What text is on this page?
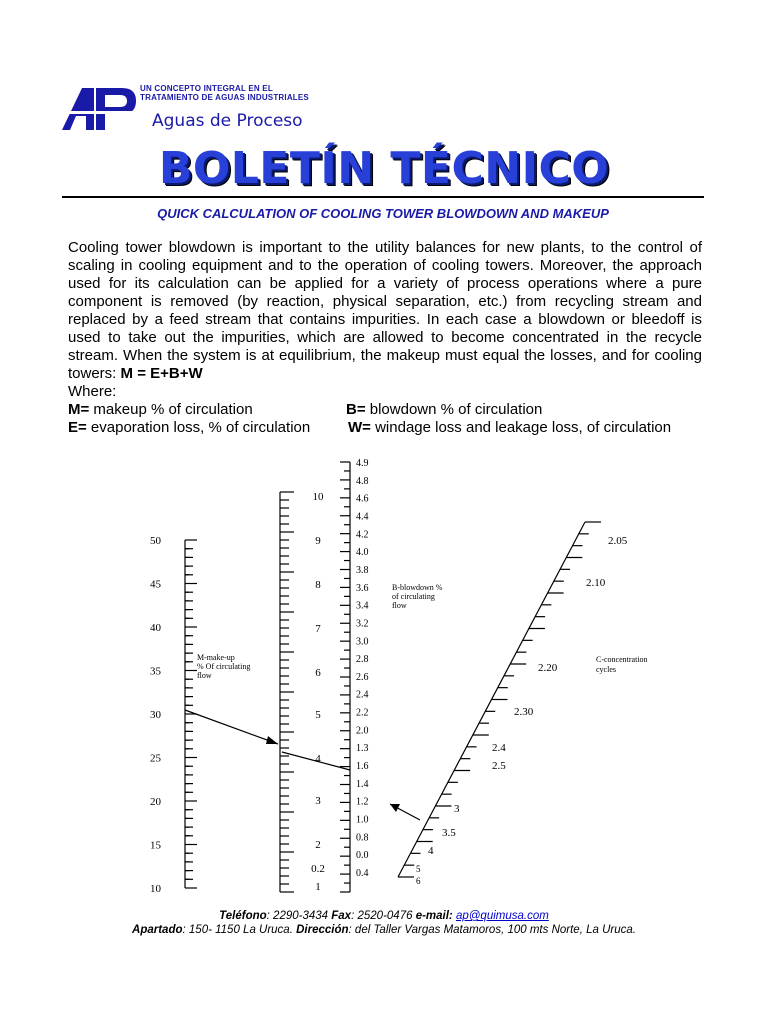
UN CONCEPTO INTEGRAL EN EL
TRATAMIENTO DE AGUAS INDUSTRIALES
Aguas de Proceso
BOLETÍN TÉCNICO
QUICK CALCULATION OF COOLING TOWER BLOWDOWN AND MAKEUP
Cooling tower blowdown is important to the utility balances for new plants, to the control of scaling in cooling equipment and to the operation of cooling towers. Moreover, the approach used for its calculation can be applied for a variety of process operations where a pure component is removed (by reaction, physical separation, etc.) from recycling stream and replaced by a feed stream that contains impurities. In each case a blowdown or bleedoff is used to take out the impurities, which are allowed to become concentrated in the recycle stream. When the system is at equilibrium, the makeup must equal the losses, and for cooling towers: M = E+B+W
Where:
M= makeup % of circulation	B= blowdown % of circulation
E= evaporation loss, % of circulation	W= windage loss and leakage loss, of circulation
50
45
40
35
30
25
20
15
10
M-make-up
% Of circulating
flow
10
9
8
7
6
5
4
3
2
0.2
1
4.9
4.8
4.6
4.4
4.2
4.0
3.8
3.6
3.4
3.2
3.0
2.8
2.6
2.4
2.2
2.0
1.3
1.6
1.4
1.2
1.0
0.8
0.0
0.4
B-blowdown %
of circulating
flow
2.05
2.10
2.20
2.30
2.4
2.5
3
3.5
4
5
6
C-concentration
cycles
Teléfono: 2290-3434 Fax: 2520-0476 e-mail: ap@quimusa.com
Apartado: 150- 1150 La Uruca. Dirección: del Taller Vargas Matamoros, 100 mts Norte, La Uruca.
